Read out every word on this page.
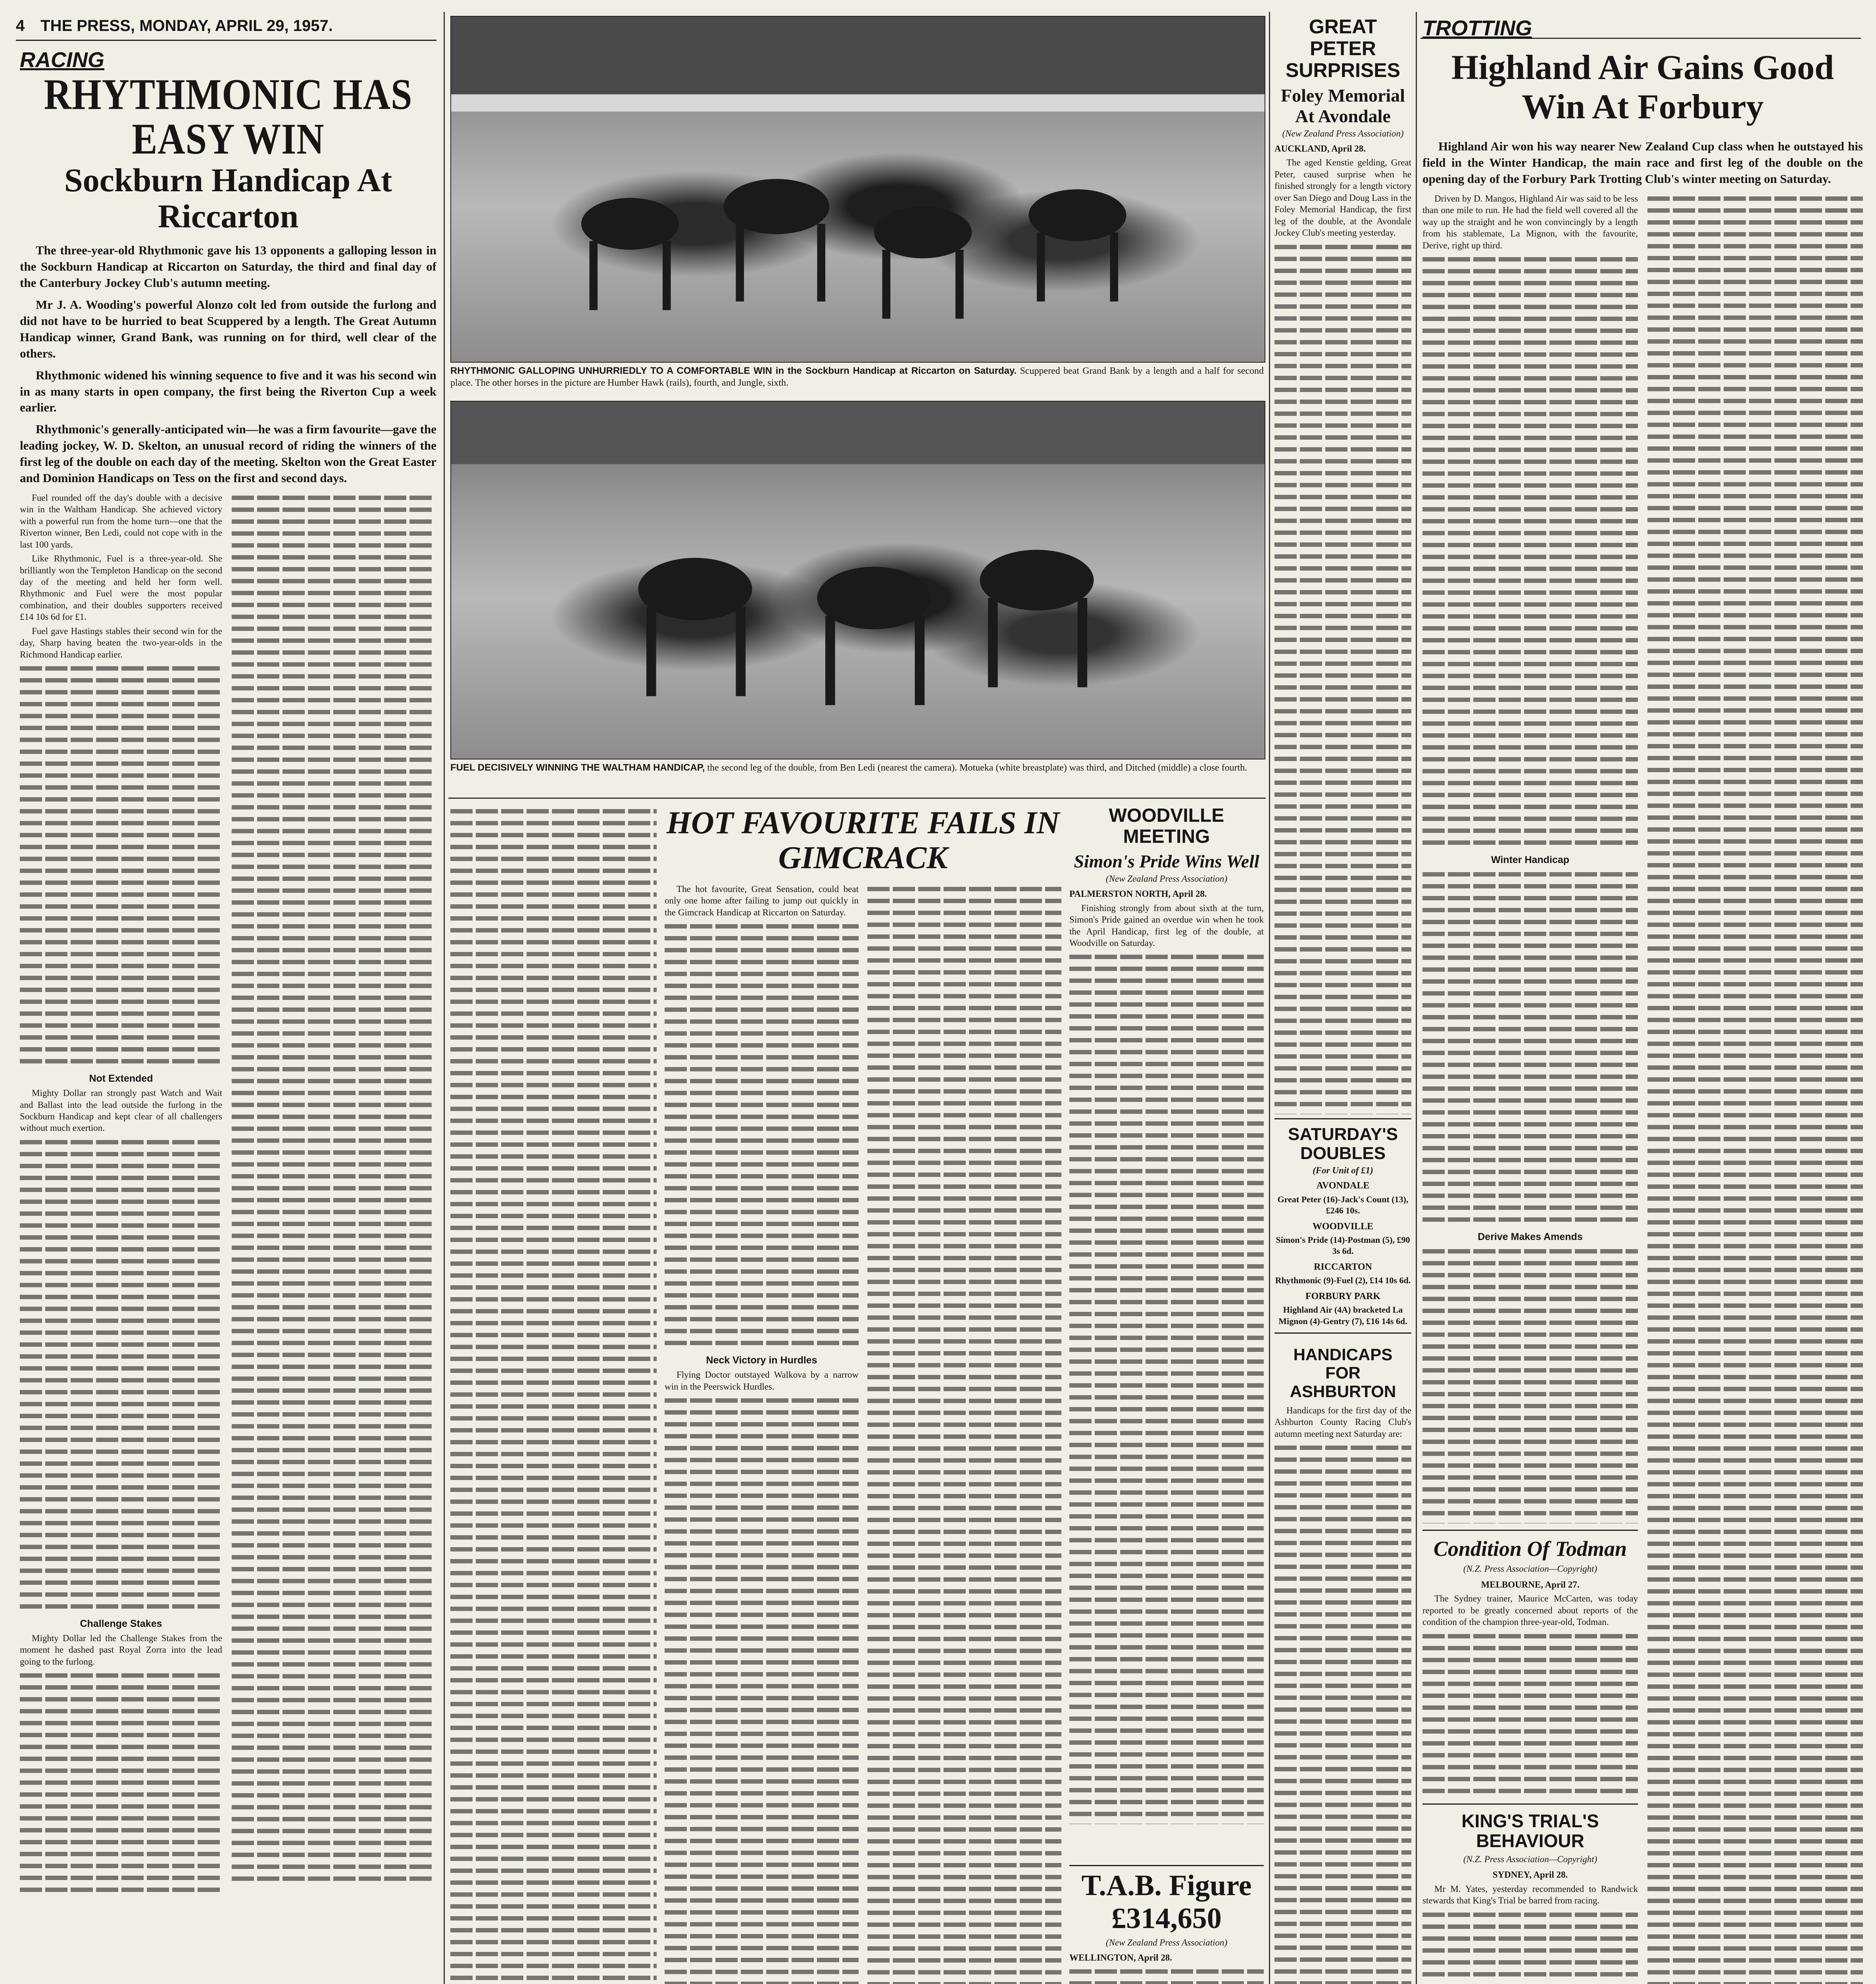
4 THE PRESS, MONDAY, APRIL 29, 1957.
RACING
RHYTHMONIC HAS EASY WIN
Sockburn Handicap At Riccarton

The three-year-old Rhythmonic gave his 13 opponents a galloping lesson in the Sockburn Handicap at Riccarton on Saturday, the third and final day of the Canterbury Jockey Club's autumn meeting.

Mr J. A. Wooding's powerful Alonzo colt led from outside the furlong and did not have to be hurried to beat Scuppered by a length. The Great Autumn Handicap winner, Grand Bank, was running on for third, well clear of the others.

Rhythmonic widened his winning sequence to five and it was his second win in as many starts in open company, the first being the Riverton Cup a week earlier.

Rhythmonic's generally-anticipated win—he was a firm favourite—gave the leading jockey, W. D. Skelton, an unusual record of riding the winners of the first leg of the double on each day of the meeting. Skelton won the Great Easter and Dominion Handicaps on Tess on the first and second days.

Fuel rounded off the day's double with a decisive win in the Waltham Handicap. She achieved victory with a powerful run from the home turn—one that the Riverton winner, Ben Ledi, could not cope with in the last 100 yards.

Like Rhythmonic, Fuel is a three-year-old. She brilliantly won the Templeton Handicap on the second day of the meeting and held her form well. Rhythmonic and Fuel were the most popular combination, and their doubles supporters received £14 10s 6d for £1.

Fuel gave Hastings stables their second win for the day, Sharp having beaten the two-year-olds in the Richmond Handicap earlier.

Not Extended

Mighty Dollar ran strongly past Watch and Wait and Ballast into the lead outside the furlong in the Sockburn Handicap and kept clear of all challengers without much exertion.

Challenge Stakes

Mighty Dollar led the Challenge Stakes from the moment he dashed past Royal Zorra into the lead going to the furlong.

RHYTHMONIC GALLOPING UNHURRIEDLY TO A COMFORTABLE WIN in the Sockburn Handicap at Riccarton on Saturday. Scuppered beat Grand Bank by a length and a half for second place. The other horses in the picture are Humber Hawk (rails), fourth, and Jungle, sixth.
FUEL DECISIVELY WINNING THE WALTHAM HANDICAP, the second leg of the double, from Ben Ledi (nearest the camera). Motueka (white breastplate) was third, and Ditched (middle) a close fourth.
HOT FAVOURITE FAILS IN GIMCRACK

The hot favourite, Great Sensation, could beat only one home after failing to jump out quickly in the Gimcrack Handicap at Riccarton on Saturday.

Neck Victory in Hurdles

Flying Doctor outstayed Walkova by a narrow win in the Peerswick Hurdles.

WOODVILLE MEETING
Simon's Pride Wins Well
(New Zealand Press Association)

PALMERSTON NORTH, April 28.

Finishing strongly from about sixth at the turn, Simon's Pride gained an overdue win when he took the April Handicap, first leg of the double, at Woodville on Saturday.

T.A.B. Figure £314,650
(New Zealand Press Association)

WELLINGTON, April 28.

GREAT PETER SURPRISES
Foley Memorial At Avondale
(New Zealand Press Association)

AUCKLAND, April 28.

The aged Kenstie gelding, Great Peter, caused surprise when he finished strongly for a length victory over San Diego and Doug Lass in the Foley Memorial Handicap, the first leg of the double, at the Avondale Jockey Club's meeting yesterday.

SATURDAY'S DOUBLES
(For Unit of £1)
AVONDALE
Great Peter (16)-Jack's Count (13), £246 10s.
WOODVILLE
Simon's Pride (14)-Postman (5), £90 3s 6d.
RICCARTON
Rhythmonic (9)-Fuel (2), £14 10s 6d.
FORBURY PARK
Highland Air (4A) bracketed La Mignon (4)-Gentry (7), £16 14s 6d.
HANDICAPS FOR ASHBURTON

Handicaps for the first day of the Ashburton County Racing Club's autumn meeting next Saturday are:

TROTTING
Highland Air Gains Good Win At Forbury

Highland Air won his way nearer New Zealand Cup class when he outstayed his field in the Winter Handicap, the main race and first leg of the double on the opening day of the Forbury Park Trotting Club's winter meeting on Saturday.

Driven by D. Mangos, Highland Air was said to be less than one mile to run. He had the field well covered all the way up the straight and he won convincingly by a length from his stablemate, La Mignon, with the favourite, Derive, right up third.

Winter Handicap
Derive Makes Amends
Condition Of Todman
(N.Z. Press Association—Copyright)

MELBOURNE, April 27.

The Sydney trainer, Maurice McCarten, was today reported to be greatly concerned about reports of the condition of the champion three-year-old, Todman.

KING'S TRIAL'S BEHAVIOUR
(N.Z. Press Association—Copyright)

SYDNEY, April 28.

Mr M. Yates, yesterday recommended to Randwick stewards that King's Trial be barred from racing.
